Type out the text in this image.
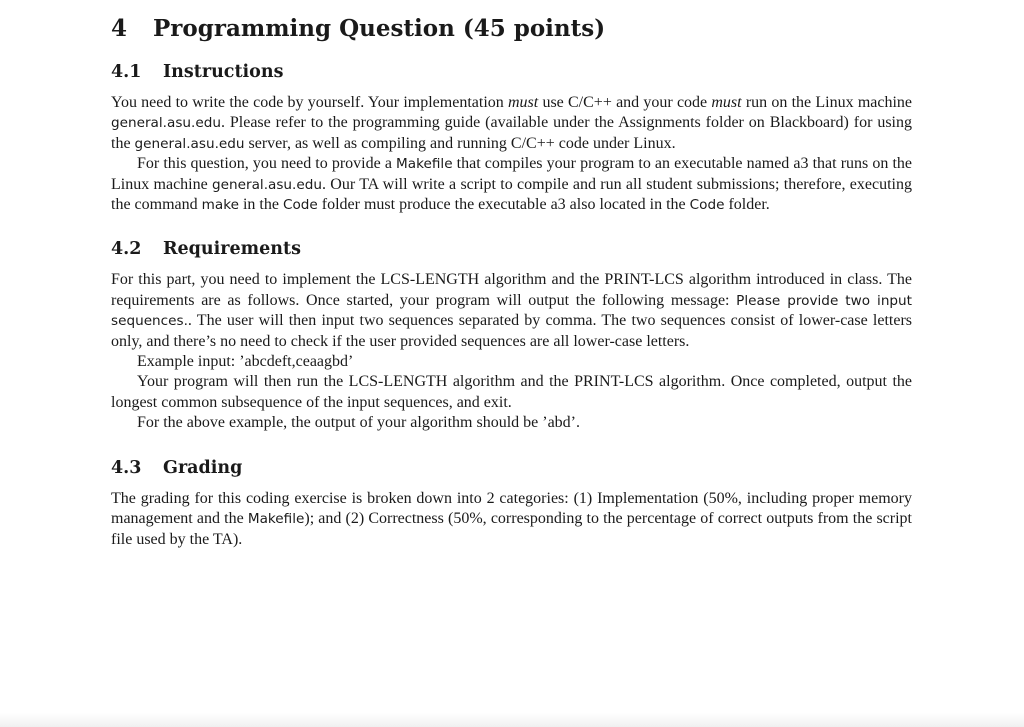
4 Programming Question (45 points)
4.1 Instructions

You need to write the code by yourself. Your implementation must use C/C++ and your code must run on the Linux machine general.asu.edu. Please refer to the programming guide (available under the Assignments folder on Blackboard) for using the general.asu.edu server, as well as compiling and running C/C++ code under Linux.

For this question, you need to provide a Makefile that compiles your program to an executable named a3 that runs on the Linux machine general.asu.edu. Our TA will write a script to compile and run all student submissions; therefore, executing the command make in the Code folder must produce the executable a3 also located in the Code folder.

4.2 Requirements

For this part, you need to implement the LCS-LENGTH algorithm and the PRINT-LCS algorithm introduced in class. The requirements are as follows. Once started, your program will output the following message: Please provide two input sequences.. The user will then input two sequences separated by comma. The two sequences consist of lower-case letters only, and there’s no need to check if the user provided sequences are all lower-case letters.

Example input: ’abcdeft,ceaagbd’

Your program will then run the LCS-LENGTH algorithm and the PRINT-LCS algorithm. Once completed, output the longest common subsequence of the input sequences, and exit.

For the above example, the output of your algorithm should be ’abd’.

4.3 Grading

The grading for this coding exercise is broken down into 2 categories: (1) Implementation (50%, including proper memory management and the Makefile); and (2) Correctness (50%, corresponding to the percentage of correct outputs from the script file used by the TA).
